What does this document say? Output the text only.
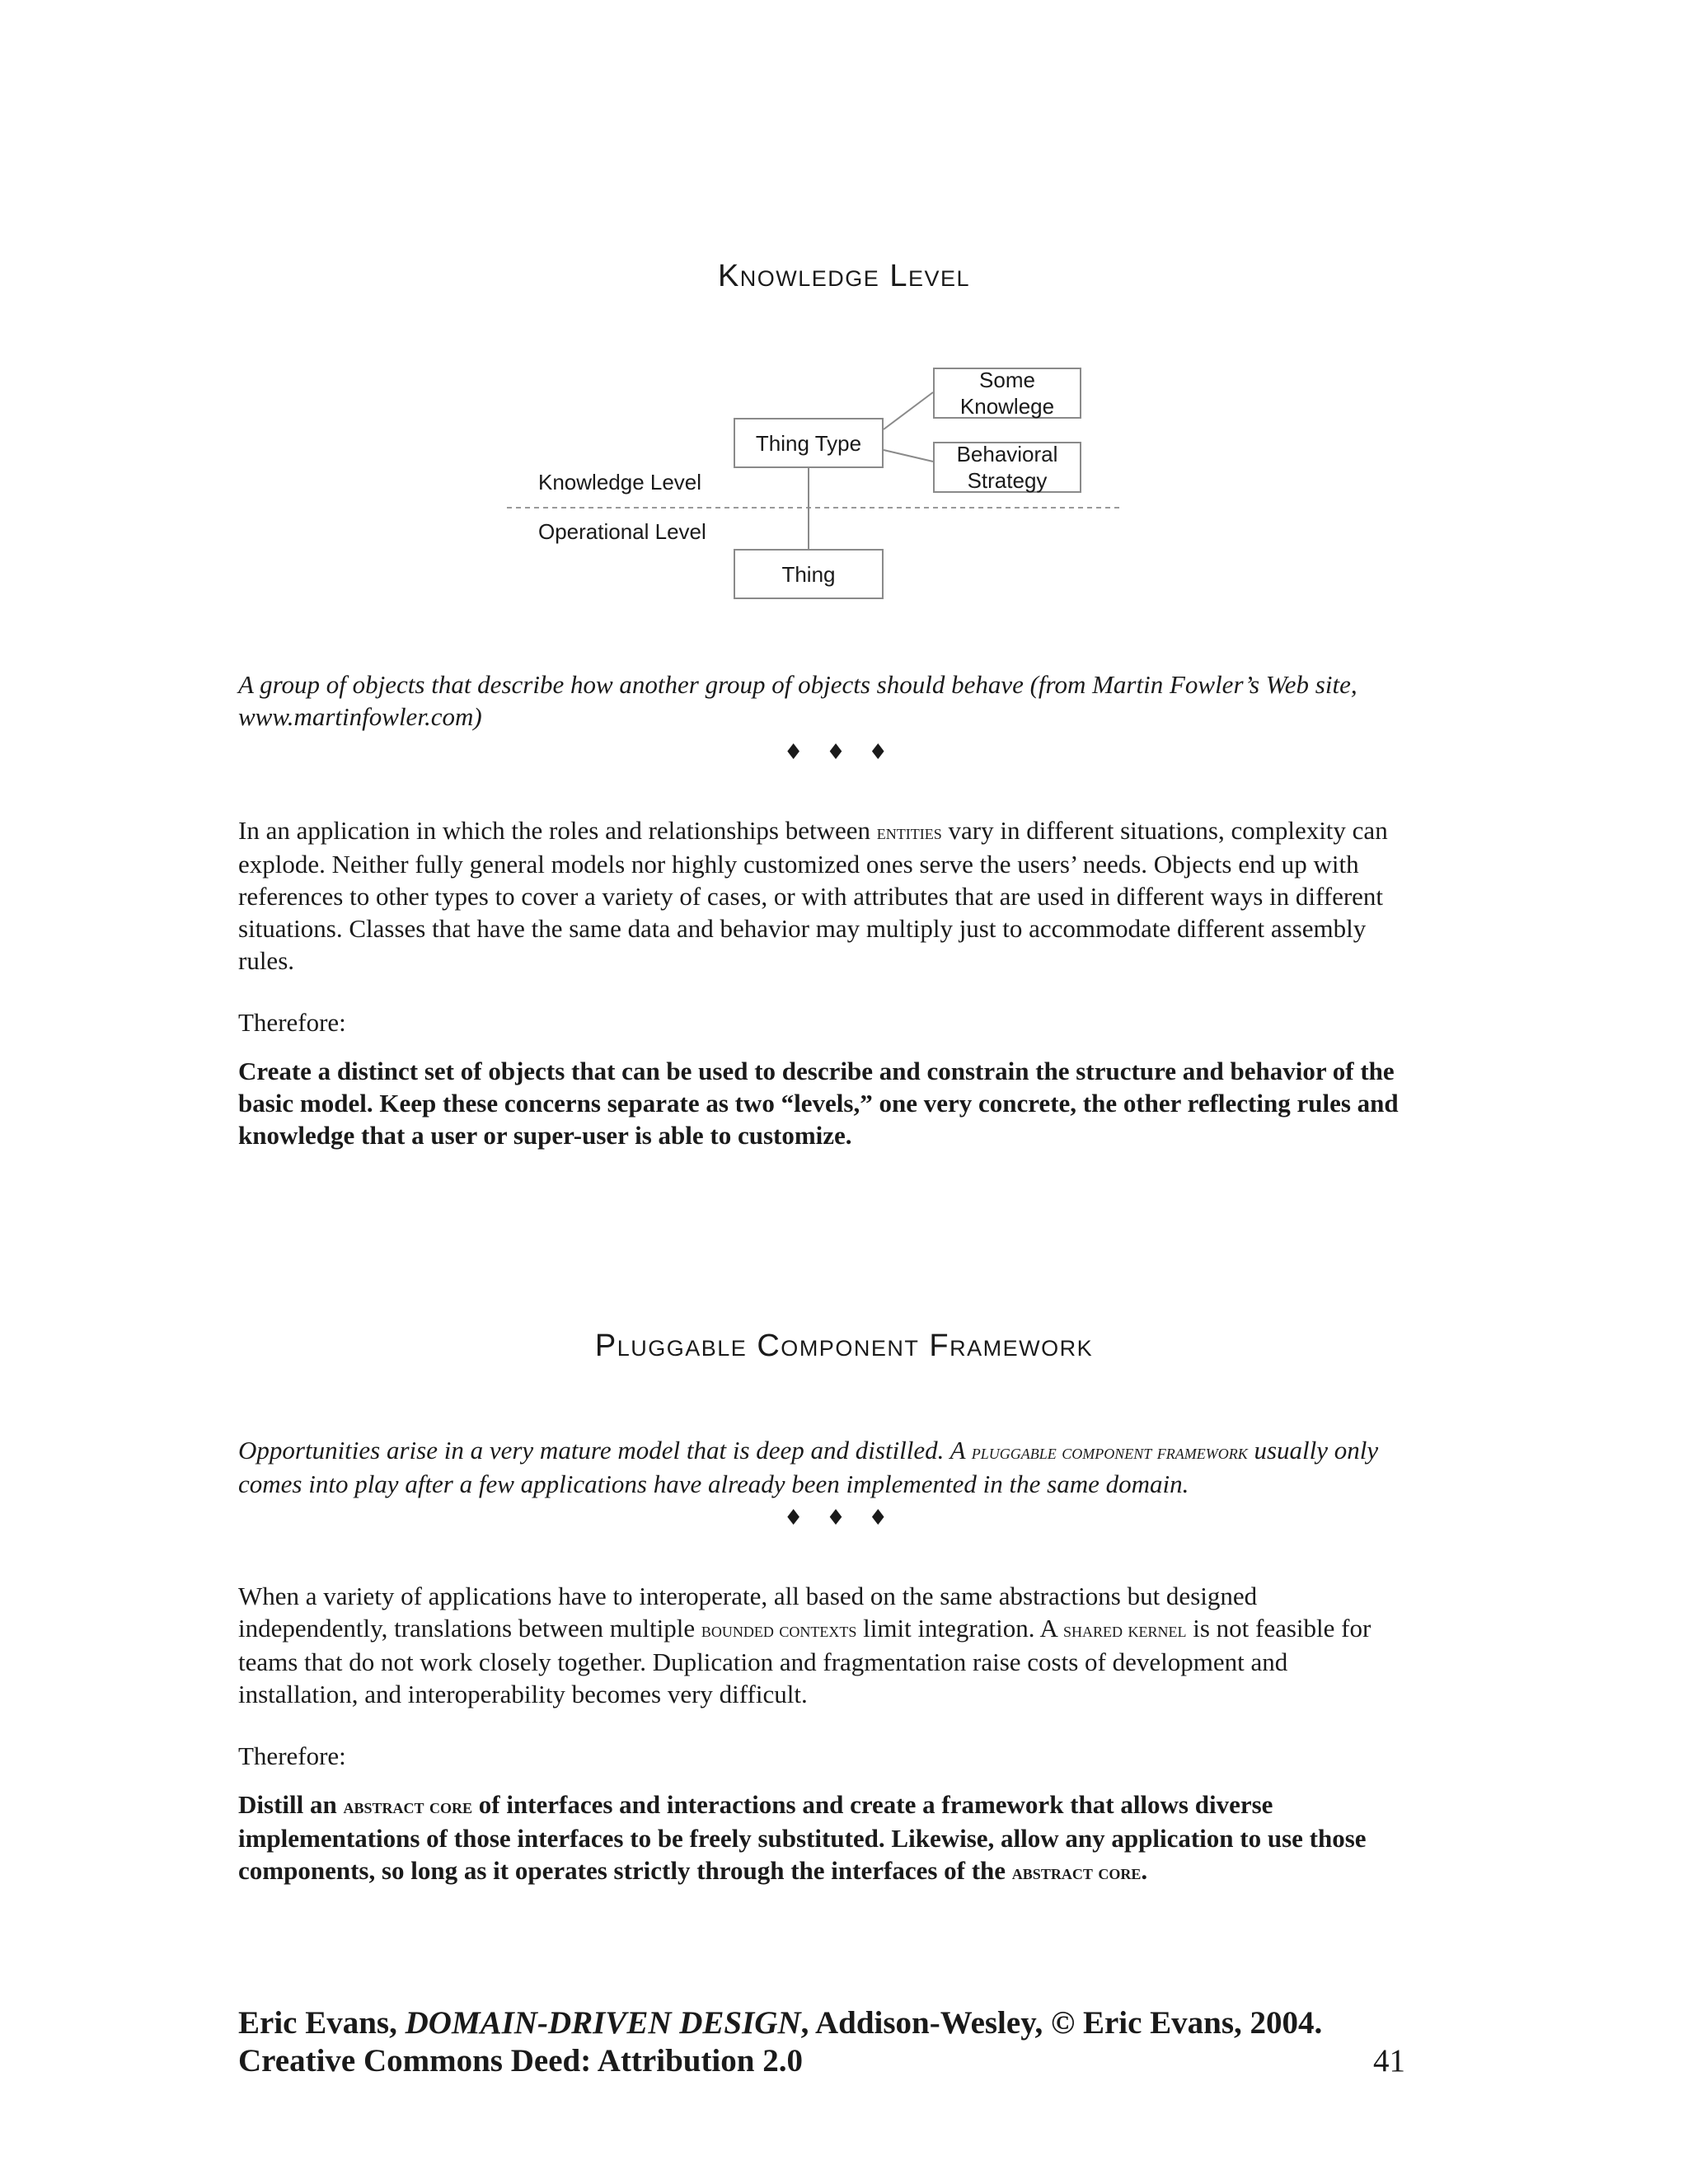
Knowledge Level
Some
Knowlege
Thing Type	Behavioral
Strategy
Knowledge Level
Operational Level
Thing

A group of objects that describe how another group of objects should behave (from Martin Fowler’s Web site, www.martinfowler.com)

♦ ♦ ♦

In an application in which the roles and relationships between entities vary in different situations, complexity can explode. Neither fully general models nor highly customized ones serve the users’ needs. Objects end up with references to other types to cover a variety of cases, or with attributes that are used in different ways in different situations. Classes that have the same data and behavior may multiply just to accommodate different assembly rules.

Therefore:

Create a distinct set of objects that can be used to describe and constrain the structure and behavior of the basic model. Keep these concerns separate as two “levels,” one very concrete, the other reflecting rules and knowledge that a user or super-user is able to customize.

Pluggable Component Framework

Opportunities arise in a very mature model that is deep and distilled. A pluggable component framework usually only comes into play after a few applications have already been implemented in the same domain.

♦ ♦ ♦

When a variety of applications have to interoperate, all based on the same abstractions but designed independently, translations between multiple bounded contexts limit integration. A shared kernel is not feasible for teams that do not work closely together. Duplication and fragmentation raise costs of development and installation, and interoperability becomes very difficult.

Therefore:

Distill an abstract core of interfaces and interactions and create a framework that allows diverse implementations of those interfaces to be freely substituted. Likewise, allow any application to use those components, so long as it operates strictly through the interfaces of the abstract core.

Eric Evans, DOMAIN-DRIVEN DESIGN, Addison-Wesley, © Eric Evans, 2004.
Creative Commons Deed: Attribution 2.0	41
